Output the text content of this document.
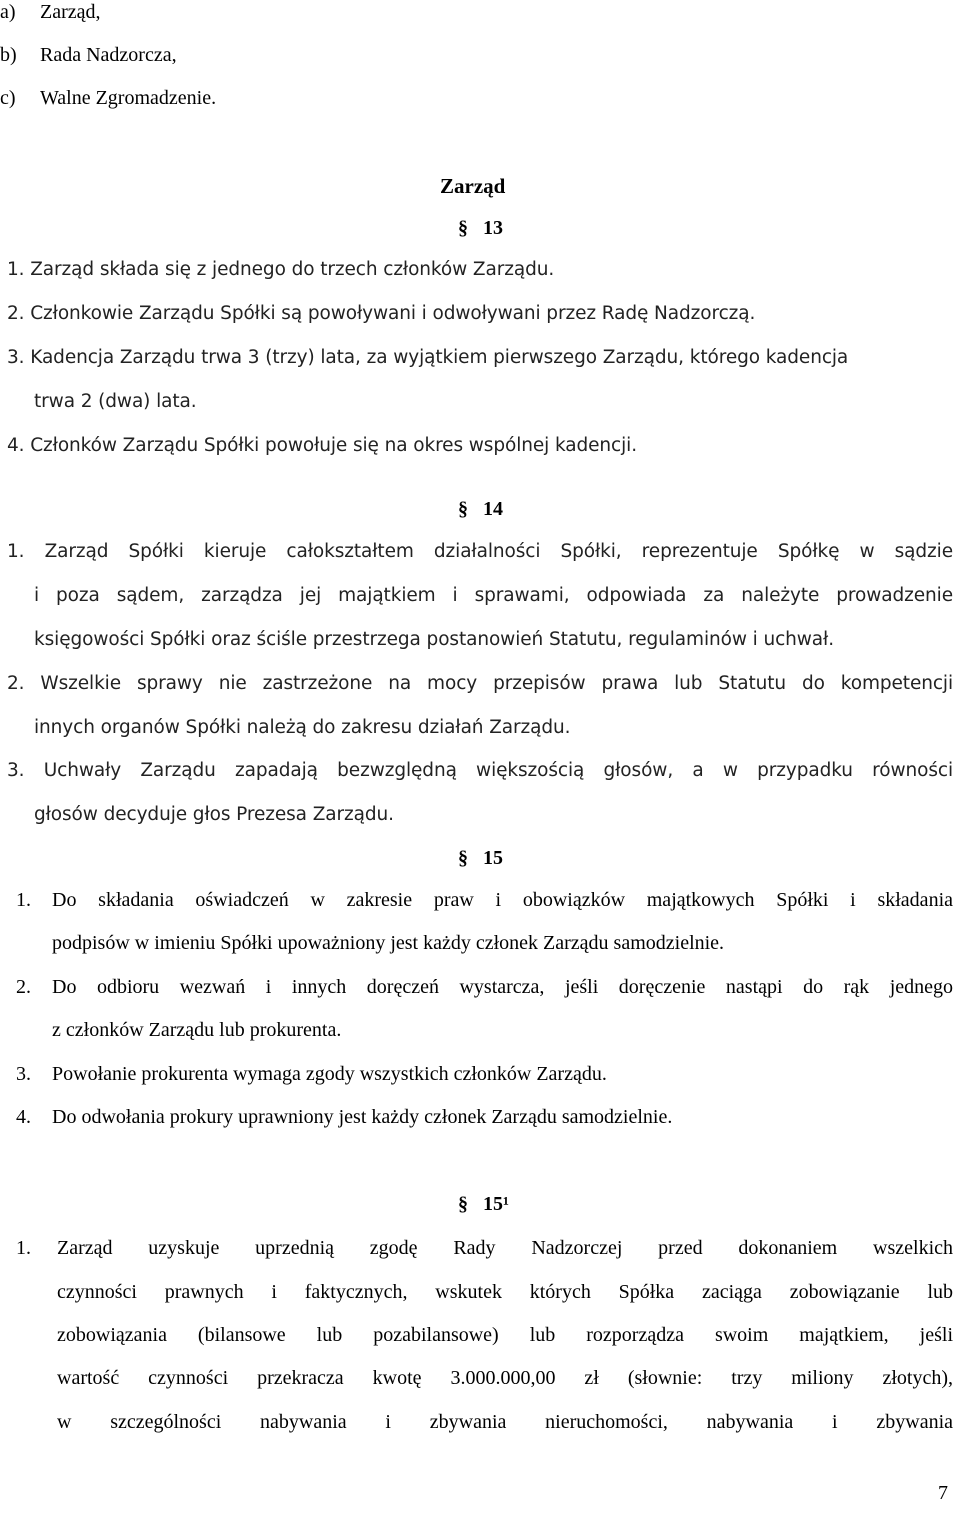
a) Zarząd,
b) Rada Nadzorcza,
c) Walne Zgromadzenie.
Zarząd
§ 13
1. Zarząd składa się z jednego do trzech członków Zarządu.
2. Członkowie Zarządu Spółki są powoływani i odwoływani przez Radę Nadzorczą.
3. Kadencja Zarządu trwa 3 (trzy) lata, za wyjątkiem pierwszego Zarządu, którego kadencja
trwa 2 (dwa) lata.
4. Członków Zarządu Spółki powołuje się na okres wspólnej kadencji.
§ 14
1. Zarząd Spółki kieruje całokształtem działalności Spółki, reprezentuje Spółkę w sądzie
i poza sądem, zarządza jej majątkiem i sprawami, odpowiada za należyte prowadzenie
księgowości Spółki oraz ściśle przestrzega postanowień Statutu, regulaminów i uchwał.
2. Wszelkie sprawy nie zastrzeżone na mocy przepisów prawa lub Statutu do kompetencji
innych organów Spółki należą do zakresu działań Zarządu.
3. Uchwały Zarządu zapadają bezwzględną większością głosów, a w przypadku równości
głosów decyduje głos Prezesa Zarządu.
§ 15
1. Do składania oświadczeń w zakresie praw i obowiązków majątkowych Spółki i składania
podpisów w imieniu Spółki upoważniony jest każdy członek Zarządu samodzielnie.
2. Do odbioru wezwań i innych doręczeń wystarcza, jeśli doręczenie nastąpi do rąk jednego
z członków Zarządu lub prokurenta.
3. Powołanie prokurenta wymaga zgody wszystkich członków Zarządu.
4. Do odwołania prokury uprawniony jest każdy członek Zarządu samodzielnie.
§ 15¹
1. Zarząd uzyskuje uprzednią zgodę Rady Nadzorczej przed dokonaniem wszelkich
czynności prawnych i faktycznych, wskutek których Spółka zaciąga zobowiązanie lub
zobowiązania (bilansowe lub pozabilansowe) lub rozporządza swoim majątkiem, jeśli
wartość czynności przekracza kwotę 3.000.000,00 zł (słownie: trzy miliony złotych),
w szczególności nabywania i zbywania nieruchomości, nabywania i zbywania
7
